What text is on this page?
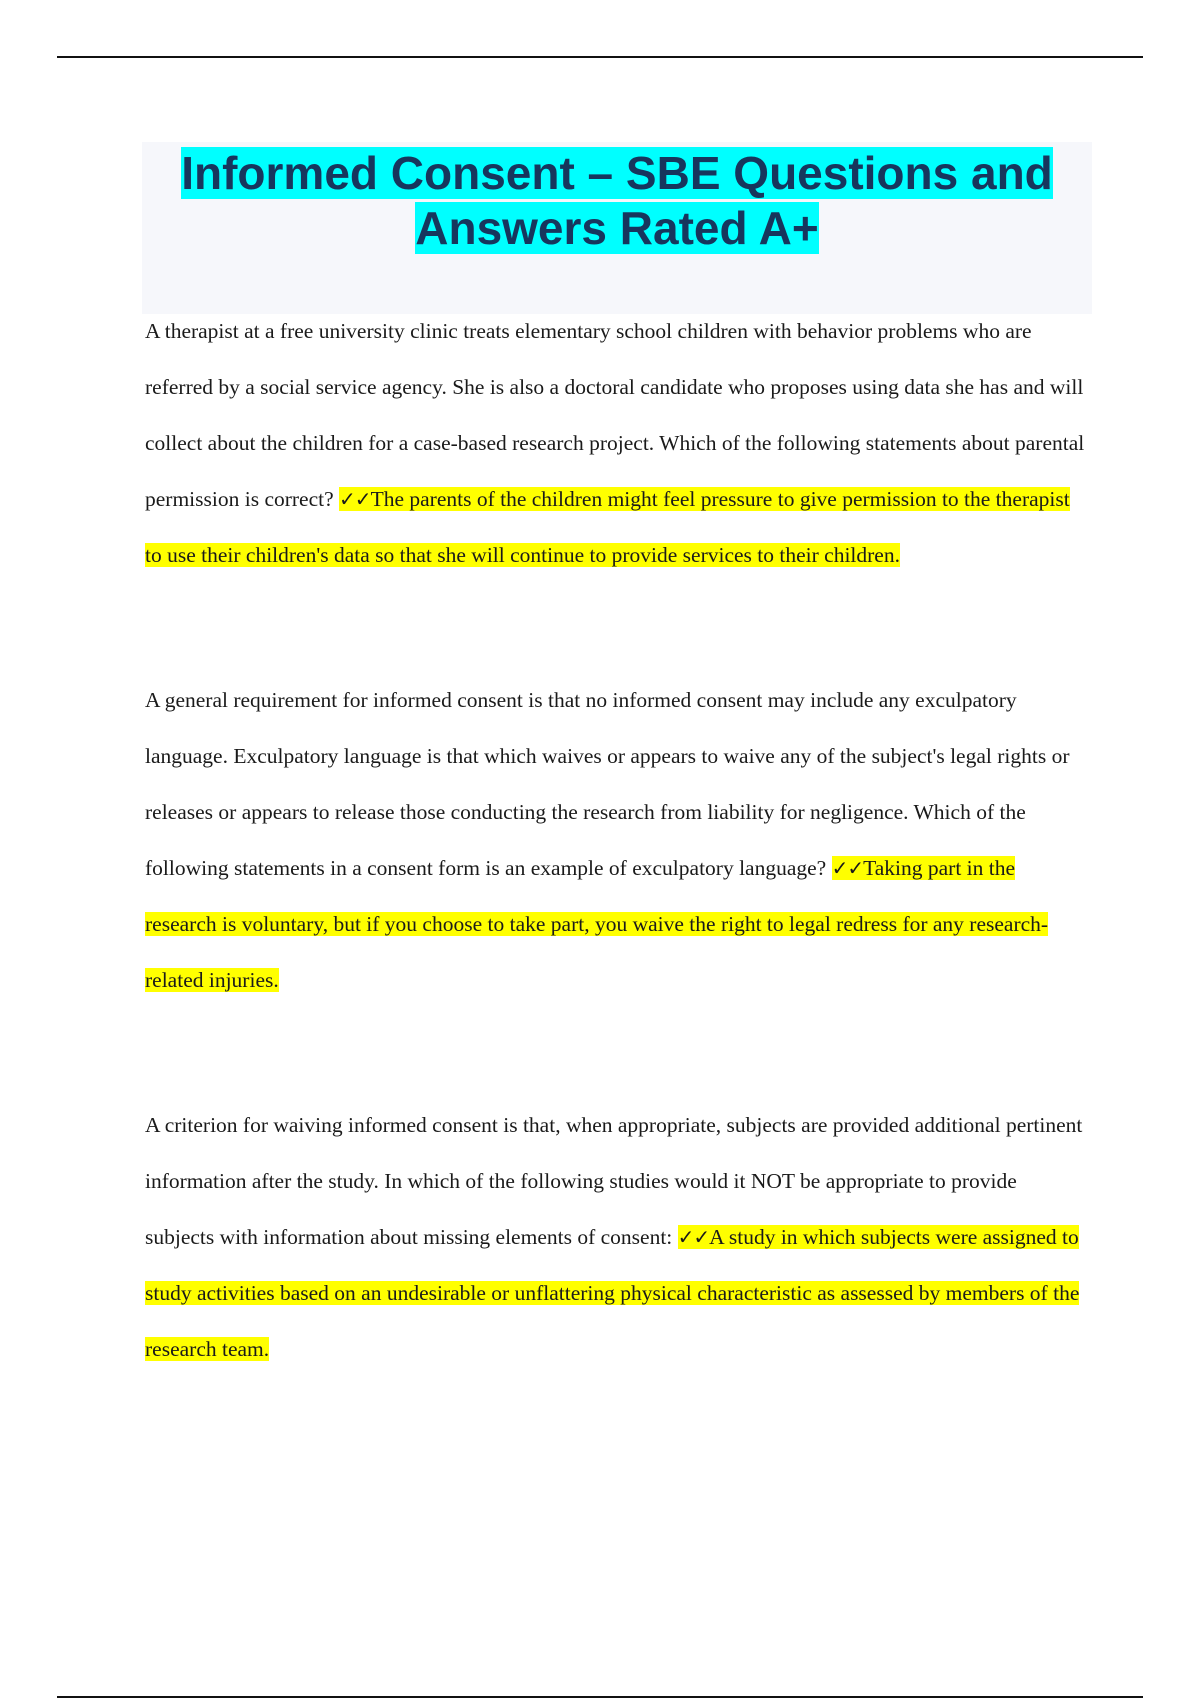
Informed Consent – SBE Questions and
Answers Rated A+

A therapist at a free university clinic treats elementary school children with behavior problems who are referred by a social service agency. She is also a doctoral candidate who proposes using data she has and will collect about the children for a case-based research project. Which of the following statements about parental permission is correct? ✓✓The parents of the children might feel pressure to give permission to the therapist to use their children's data so that she will continue to provide services to their children.

A general requirement for informed consent is that no informed consent may include any exculpatory language. Exculpatory language is that which waives or appears to waive any of the subject's legal rights or releases or appears to release those conducting the research from liability for negligence. Which of the following statements in a consent form is an example of exculpatory language? ✓✓Taking part in the research is voluntary, but if you choose to take part, you waive the right to legal redress for any research-related injuries.

A criterion for waiving informed consent is that, when appropriate, subjects are provided additional pertinent information after the study. In which of the following studies would it NOT be appropriate to provide subjects with information about missing elements of consent: ✓✓A study in which subjects were assigned to study activities based on an undesirable or unflattering physical characteristic as assessed by members of the research team.
